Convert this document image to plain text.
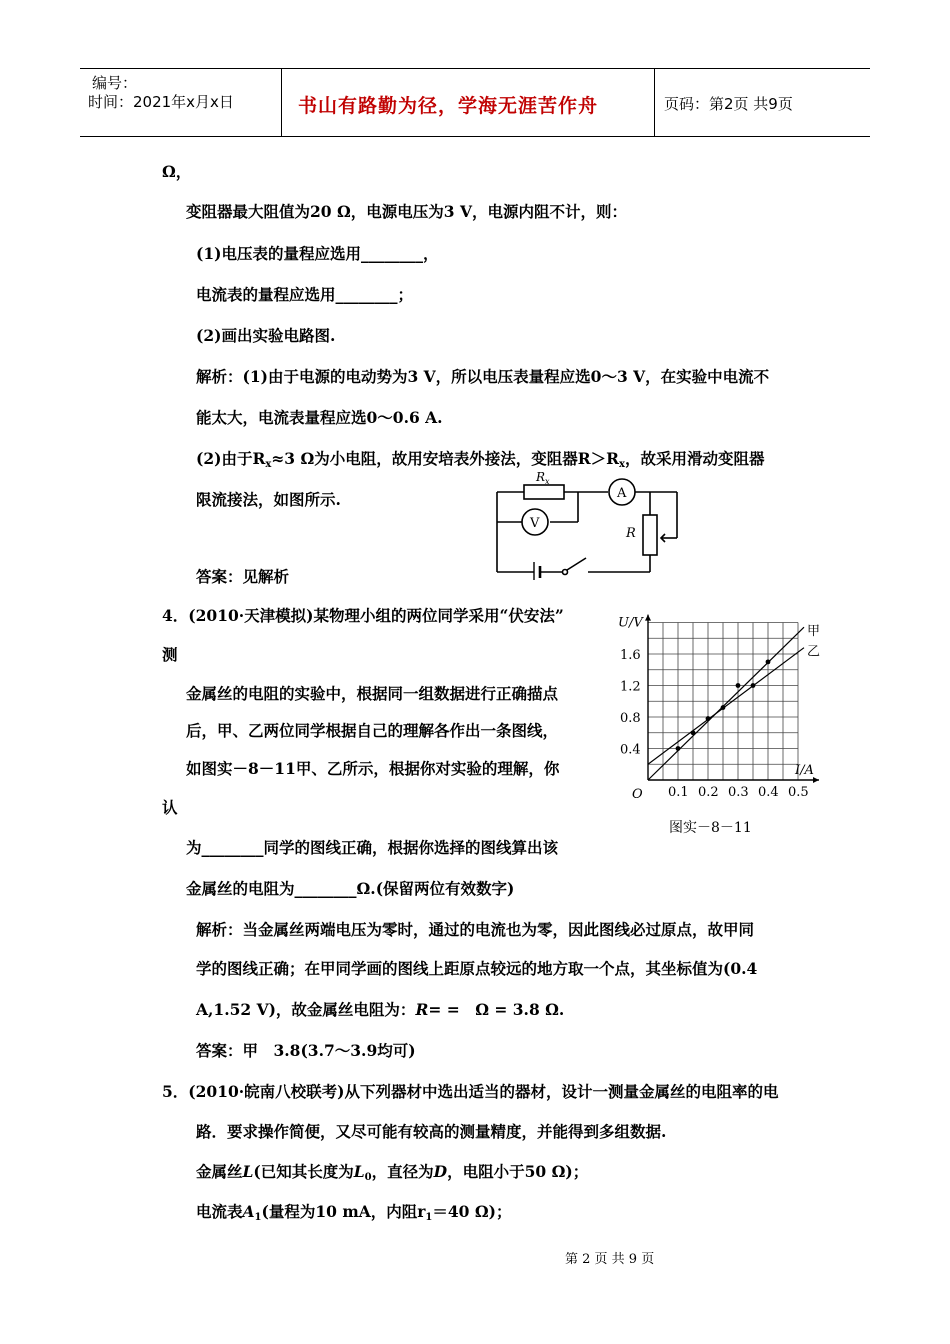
编号：
时间：2021年x月x日	书山有路勤为径，学海无涯苦作舟	页码：第2页 共9页
Ω，
变阻器最大阻值为20 Ω，电源电压为3 V，电源内阻不计，则：
(1)电压表的量程应选用________，
电流表的量程应选用________；
(2)画出实验电路图.
解析：(1)由于电源的电动势为3 V，所以电压表量程应选0～3 V，在实验中电流不
能太大，电流表量程应选0～0.6 A.
(2)由于Rx≈3 Ω为小电阻，故用安培表外接法，变阻器R＞Rx，故采用滑动变阻器
限流接法，如图所示.
答案：见解析
$R_x$
A
V
R
4．(2010·天津模拟)某物理小组的两位同学采用“伏安法”
测
金属丝的电阻的实验中，根据同一组数据进行正确描点
后，甲、乙两位同学根据自己的理解各作出一条图线，
如图实－8－11甲、乙所示，根据你对实验的理解，你
认
为________同学的图线正确，根据你选择的图线算出该
金属丝的电阻为________Ω.(保留两位有效数字)
解析：当金属丝两端电压为零时，通过的电流也为零，因此图线必过原点，故甲同
学的图线正确；在甲同学画的图线上距原点较远的地方取一个点，其坐标值为(0.4
A,1.52 V)，故金属丝电阻为：R= =　Ω = 3.8 Ω.
答案：甲　3.8(3.7～3.9均可)
0.1 0.2 0.3 0.4 0.5
0.4
0.8
1.2
1.6
O
U/V
I/A
甲
乙
图实－8－11
5．(2010·皖南八校联考)从下列器材中选出适当的器材，设计一测量金属丝的电阻率的电
路．要求操作简便，又尽可能有较高的测量精度，并能得到多组数据.
金属丝L(已知其长度为L0，直径为D，电阻小于50 Ω)；
电流表A1(量程为10 mA，内阻r1＝40 Ω)；
第 2 页 共 9 页
